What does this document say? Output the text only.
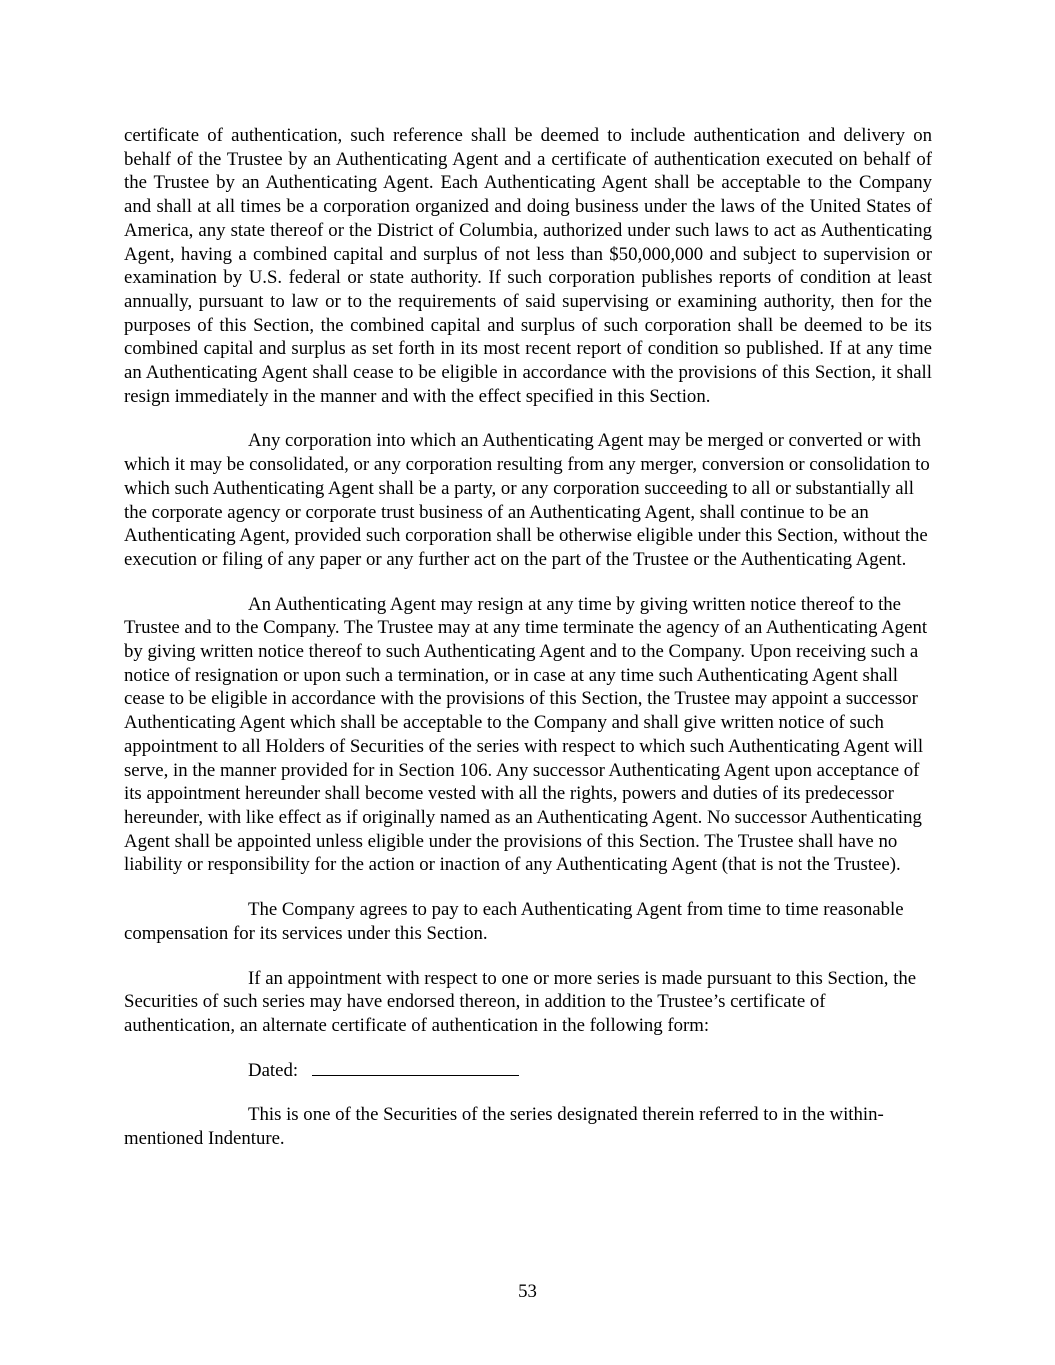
certificate of authentication, such reference shall be deemed to include authentication and delivery on behalf of the Trustee by an Authenticating Agent and a certificate of authentication executed on behalf of the Trustee by an Authenticating Agent. Each Authenticating Agent shall be acceptable to the Company and shall at all times be a corporation organized and doing business under the laws of the United States of America, any state thereof or the District of Columbia, authorized under such laws to act as Authenticating Agent, having a combined capital and surplus of not less than $50,000,000 and subject to supervision or examination by U.S. federal or state authority. If such corporation publishes reports of condition at least annually, pursuant to law or to the requirements of said supervising or examining authority, then for the purposes of this Section, the combined capital and surplus of such corporation shall be deemed to be its combined capital and surplus as set forth in its most recent report of condition so published. If at any time an Authenticating Agent shall cease to be eligible in accordance with the provisions of this Section, it shall resign immediately in the manner and with the effect specified in this Section.

Any corporation into which an Authenticating Agent may be merged or converted or with which it may be consolidated, or any corporation resulting from any merger, conversion or consolidation to which such Authenticating Agent shall be a party, or any corporation succeeding to all or substantially all the corporate agency or corporate trust business of an Authenticating Agent, shall continue to be an Authenticating Agent, provided such corporation shall be otherwise eligible under this Section, without the execution or filing of any paper or any further act on the part of the Trustee or the Authenticating Agent.

An Authenticating Agent may resign at any time by giving written notice thereof to the Trustee and to the Company. The Trustee may at any time terminate the agency of an Authenticating Agent by giving written notice thereof to such Authenticating Agent and to the Company. Upon receiving such a notice of resignation or upon such a termination, or in case at any time such Authenticating Agent shall cease to be eligible in accordance with the provisions of this Section, the Trustee may appoint a successor Authenticating Agent which shall be acceptable to the Company and shall give written notice of such appointment to all Holders of Securities of the series with respect to which such Authenticating Agent will serve, in the manner provided for in Section 106. Any successor Authenticating Agent upon acceptance of its appointment hereunder shall become vested with all the rights, powers and duties of its predecessor hereunder, with like effect as if originally named as an Authenticating Agent. No successor Authenticating Agent shall be appointed unless eligible under the provisions of this Section. The Trustee shall have no liability or responsibility for the action or inaction of any Authenticating Agent (that is not the Trustee).

The Company agrees to pay to each Authenticating Agent from time to time reasonable compensation for its services under this Section.

If an appointment with respect to one or more series is made pursuant to this Section, the Securities of such series may have endorsed thereon, in addition to the Trustee’s certificate of authentication, an alternate certificate of authentication in the following form:

Dated:

This is one of the Securities of the series designated therein referred to in the within-mentioned Indenture.

53
